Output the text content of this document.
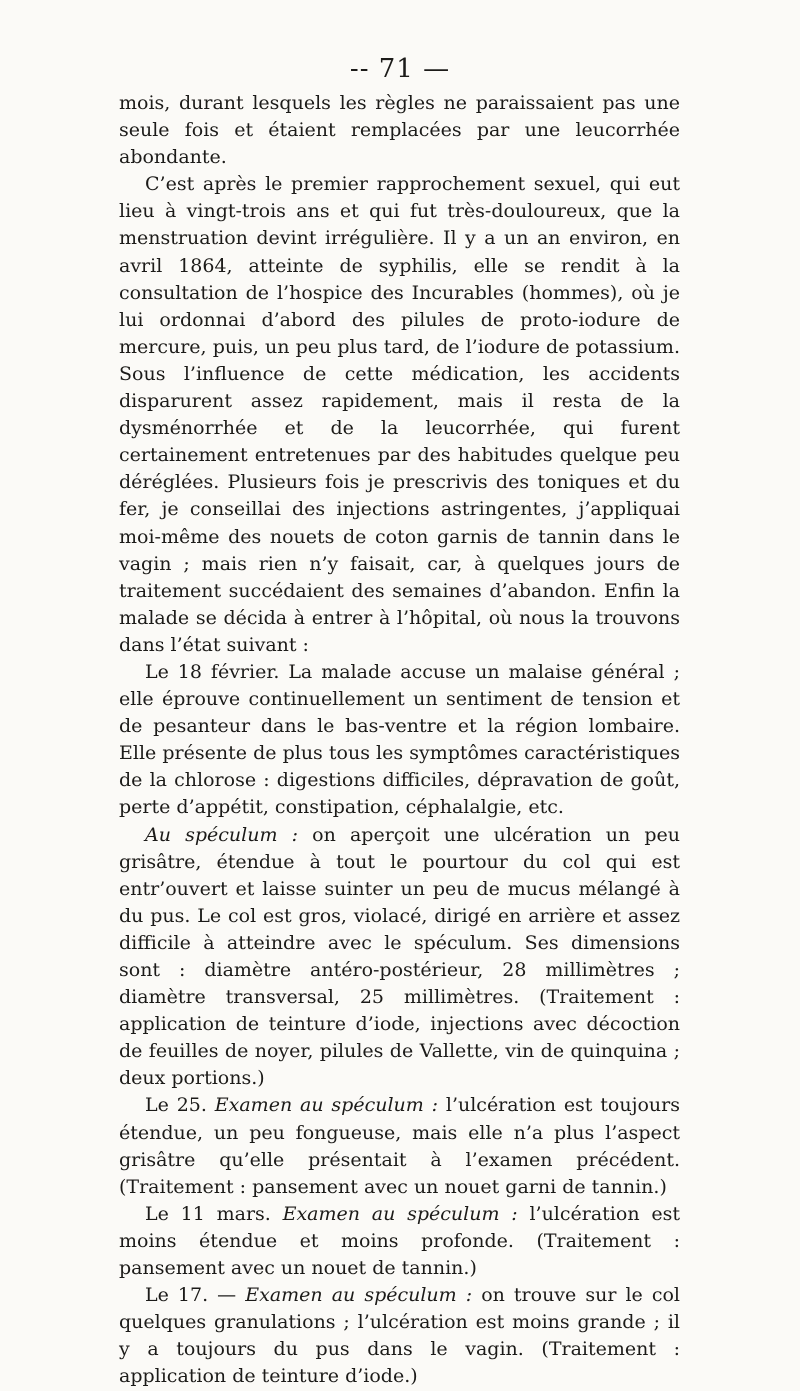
-- 71 —

mois, durant lesquels les règles ne paraissaient pas une seule fois et étaient remplacées par une leucorrhée abondante.

C’est après le premier rapprochement sexuel, qui eut lieu à vingt-trois ans et qui fut très-douloureux, que la menstruation devint irrégulière. Il y a un an environ, en avril 1864, atteinte de syphilis, elle se rendit à la consultation de l’hospice des Incurables (hommes), où je lui ordonnai d’abord des pilules de proto-iodure de mercure, puis, un peu plus tard, de l’iodure de potassium. Sous l’influence de cette médication, les accidents disparurent assez rapidement, mais il resta de la dysménorrhée et de la leucorrhée, qui furent certainement entretenues par des habitudes quelque peu déréglées. Plusieurs fois je prescrivis des toniques et du fer, je conseillai des injections astringentes, j’appliquai moi-même des nouets de coton garnis de tannin dans le vagin ; mais rien n’y faisait, car, à quelques jours de traitement succédaient des semaines d’abandon. Enfin la malade se décida à entrer à l’hôpital, où nous la trouvons dans l’état suivant :

Le 18 février. La malade accuse un malaise général ; elle éprouve continuellement un sentiment de tension et de pesanteur dans le bas-ventre et la région lombaire. Elle présente de plus tous les symptômes caractéristiques de la chlorose : digestions difficiles, dépravation de goût, perte d’appétit, constipation, céphalalgie, etc.

Au spéculum : on aperçoit une ulcération un peu grisâtre, étendue à tout le pourtour du col qui est entr’ouvert et laisse suinter un peu de mucus mélangé à du pus. Le col est gros, violacé, dirigé en arrière et assez difficile à atteindre avec le spéculum. Ses dimensions sont : diamètre antéro-postérieur, 28 millimètres ; diamètre transversal, 25 millimètres. (Traitement : application de teinture d’iode, injections avec décoction de feuilles de noyer, pilules de Vallette, vin de quinquina ; deux portions.)

Le 25. Examen au spéculum : l’ulcération est toujours étendue, un peu fongueuse, mais elle n’a plus l’aspect grisâtre qu’elle présentait à l’examen précédent. (Traitement : pansement avec un nouet garni de tannin.)

Le 11 mars. Examen au spéculum : l’ulcération est moins étendue et moins profonde. (Traitement : pansement avec un nouet de tannin.)

Le 17. — Examen au spéculum : on trouve sur le col quelques granulations ; l’ulcération est moins grande ; il y a toujours du pus dans le vagin. (Traitement : application de teinture d’iode.)
